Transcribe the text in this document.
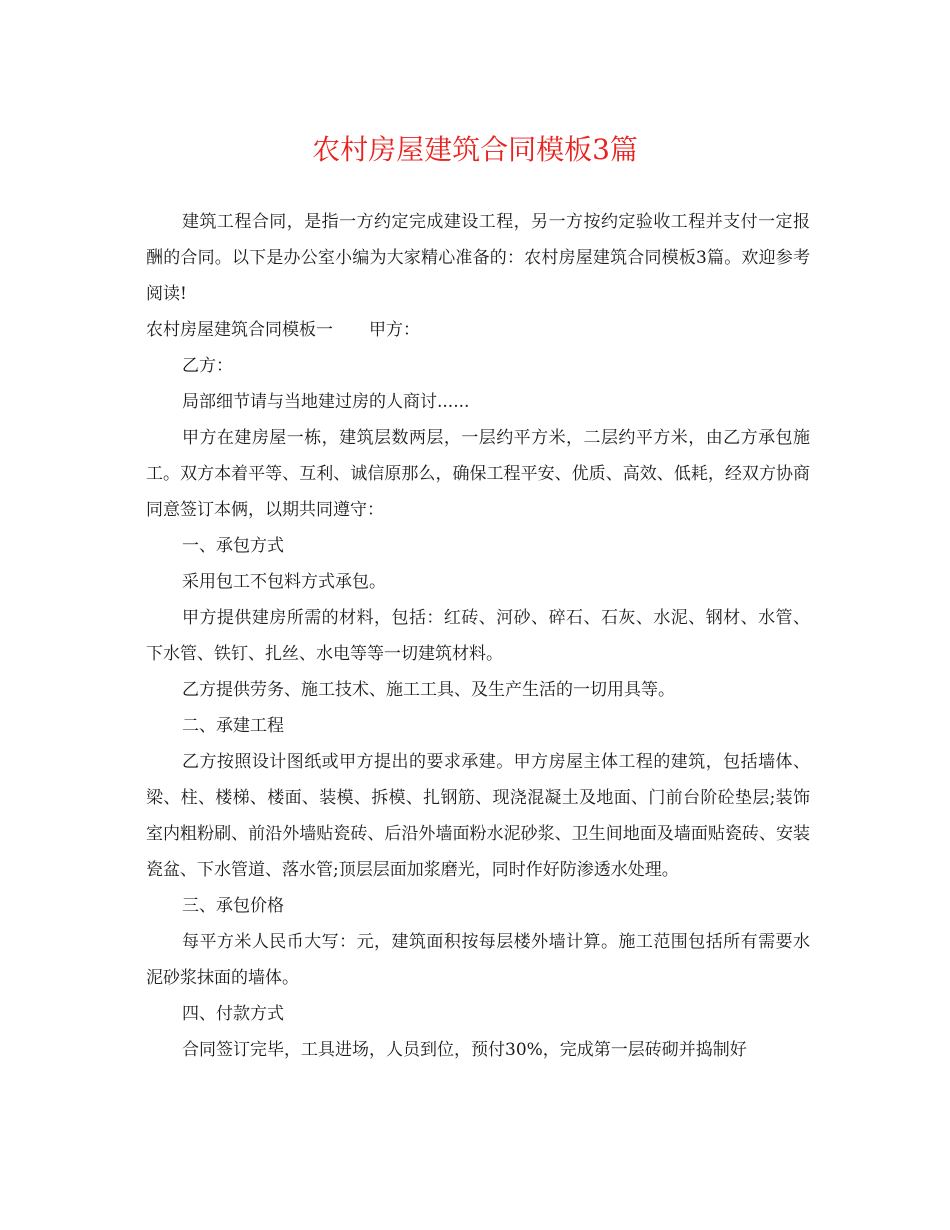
农村房屋建筑合同模板3篇

建筑工程合同，是指一方约定完成建设工程，另一方按约定验收工程并支付一定报酬的合同。以下是办公室小编为大家精心准备的：农村房屋建筑合同模板3篇。欢迎参考阅读!

农村房屋建筑合同模板一 甲方：

乙方：

局部细节请与当地建过房的人商讨......

甲方在建房屋一栋，建筑层数两层，一层约平方米，二层约平方米，由乙方承包施工。双方本着平等、互利、诚信原那么，确保工程平安、优质、高效、低耗，经双方协商同意签订本俩，以期共同遵守：

一、承包方式

采用包工不包料方式承包。

甲方提供建房所需的材料，包括：红砖、河砂、碎石、石灰、水泥、钢材、水管、下水管、铁钉、扎丝、水电等等一切建筑材料。

乙方提供劳务、施工技术、施工工具、及生产生活的一切用具等。

二、承建工程

乙方按照设计图纸或甲方提出的要求承建。甲方房屋主体工程的建筑，包括墙体、梁、柱、楼梯、楼面、装模、拆模、扎钢筋、现浇混凝土及地面、门前台阶砼垫层;装饰室内粗粉刷、前沿外墙贴瓷砖、后沿外墙面粉水泥砂浆、卫生间地面及墙面贴瓷砖、安装瓷盆、下水管道、落水管;顶层层面加浆磨光，同时作好防渗透水处理。

三、承包价格

每平方米人民币大写：元，建筑面积按每层楼外墙计算。施工范围包括所有需要水泥砂浆抹面的墙体。

四、付款方式

合同签订完毕，工具进场，人员到位，预付30%，完成第一层砖砌并捣制好
